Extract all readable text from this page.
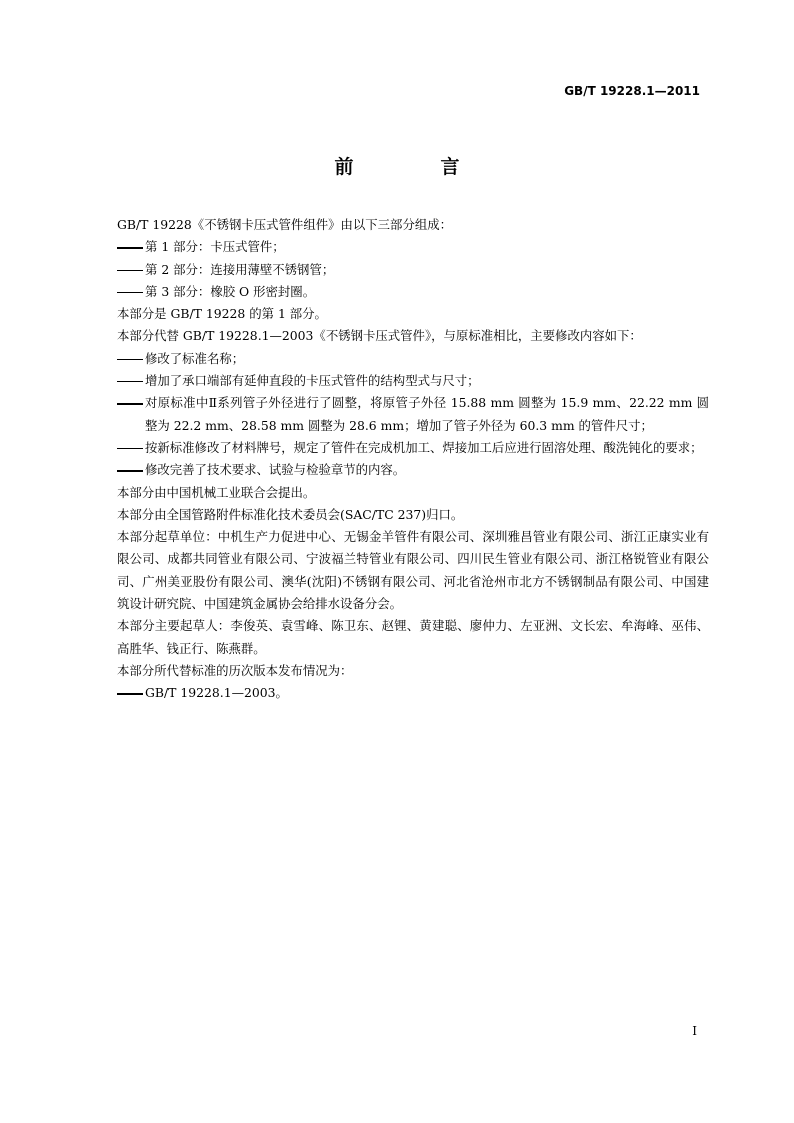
GB/T 19228.1—2011
前　言

GB/T 19228《不锈钢卡压式管件组件》由以下三部分组成：

第 1 部分：卡压式管件；

第 2 部分：连接用薄壁不锈钢管；

第 3 部分：橡胶 O 形密封圈。

本部分是 GB/T 19228 的第 1 部分。

本部分代替 GB/T 19228.1—2003《不锈钢卡压式管件》，与原标准相比，主要修改内容如下：

修改了标准名称；

增加了承口端部有延伸直段的卡压式管件的结构型式与尺寸；

对原标准中Ⅱ系列管子外径进行了圆整，将原管子外径 15.88 mm 圆整为 15.9 mm、22.22 mm 圆整为 22.2 mm、28.58 mm 圆整为 28.6 mm；增加了管子外径为 60.3 mm 的管件尺寸；

按新标准修改了材料牌号，规定了管件在完成机加工、焊接加工后应进行固溶处理、酸洗钝化的要求；

修改完善了技术要求、试验与检验章节的内容。

本部分由中国机械工业联合会提出。

本部分由全国管路附件标准化技术委员会(SAC/TC 237)归口。

本部分起草单位：中机生产力促进中心、无锡金羊管件有限公司、深圳雅昌管业有限公司、浙江正康实业有限公司、成都共同管业有限公司、宁波福兰特管业有限公司、四川民生管业有限公司、浙江格锐管业有限公司、广州美亚股份有限公司、澳华(沈阳)不锈钢有限公司、河北省沧州市北方不锈钢制品有限公司、中国建筑设计研究院、中国建筑金属协会给排水设备分会。

本部分主要起草人：李俊英、袁雪峰、陈卫东、赵锂、黄建聪、廖仲力、左亚洲、文长宏、牟海峰、巫伟、高胜华、钱正行、陈燕群。

本部分所代替标准的历次版本发布情况为：

GB/T 19228.1—2003。

Ⅰ
